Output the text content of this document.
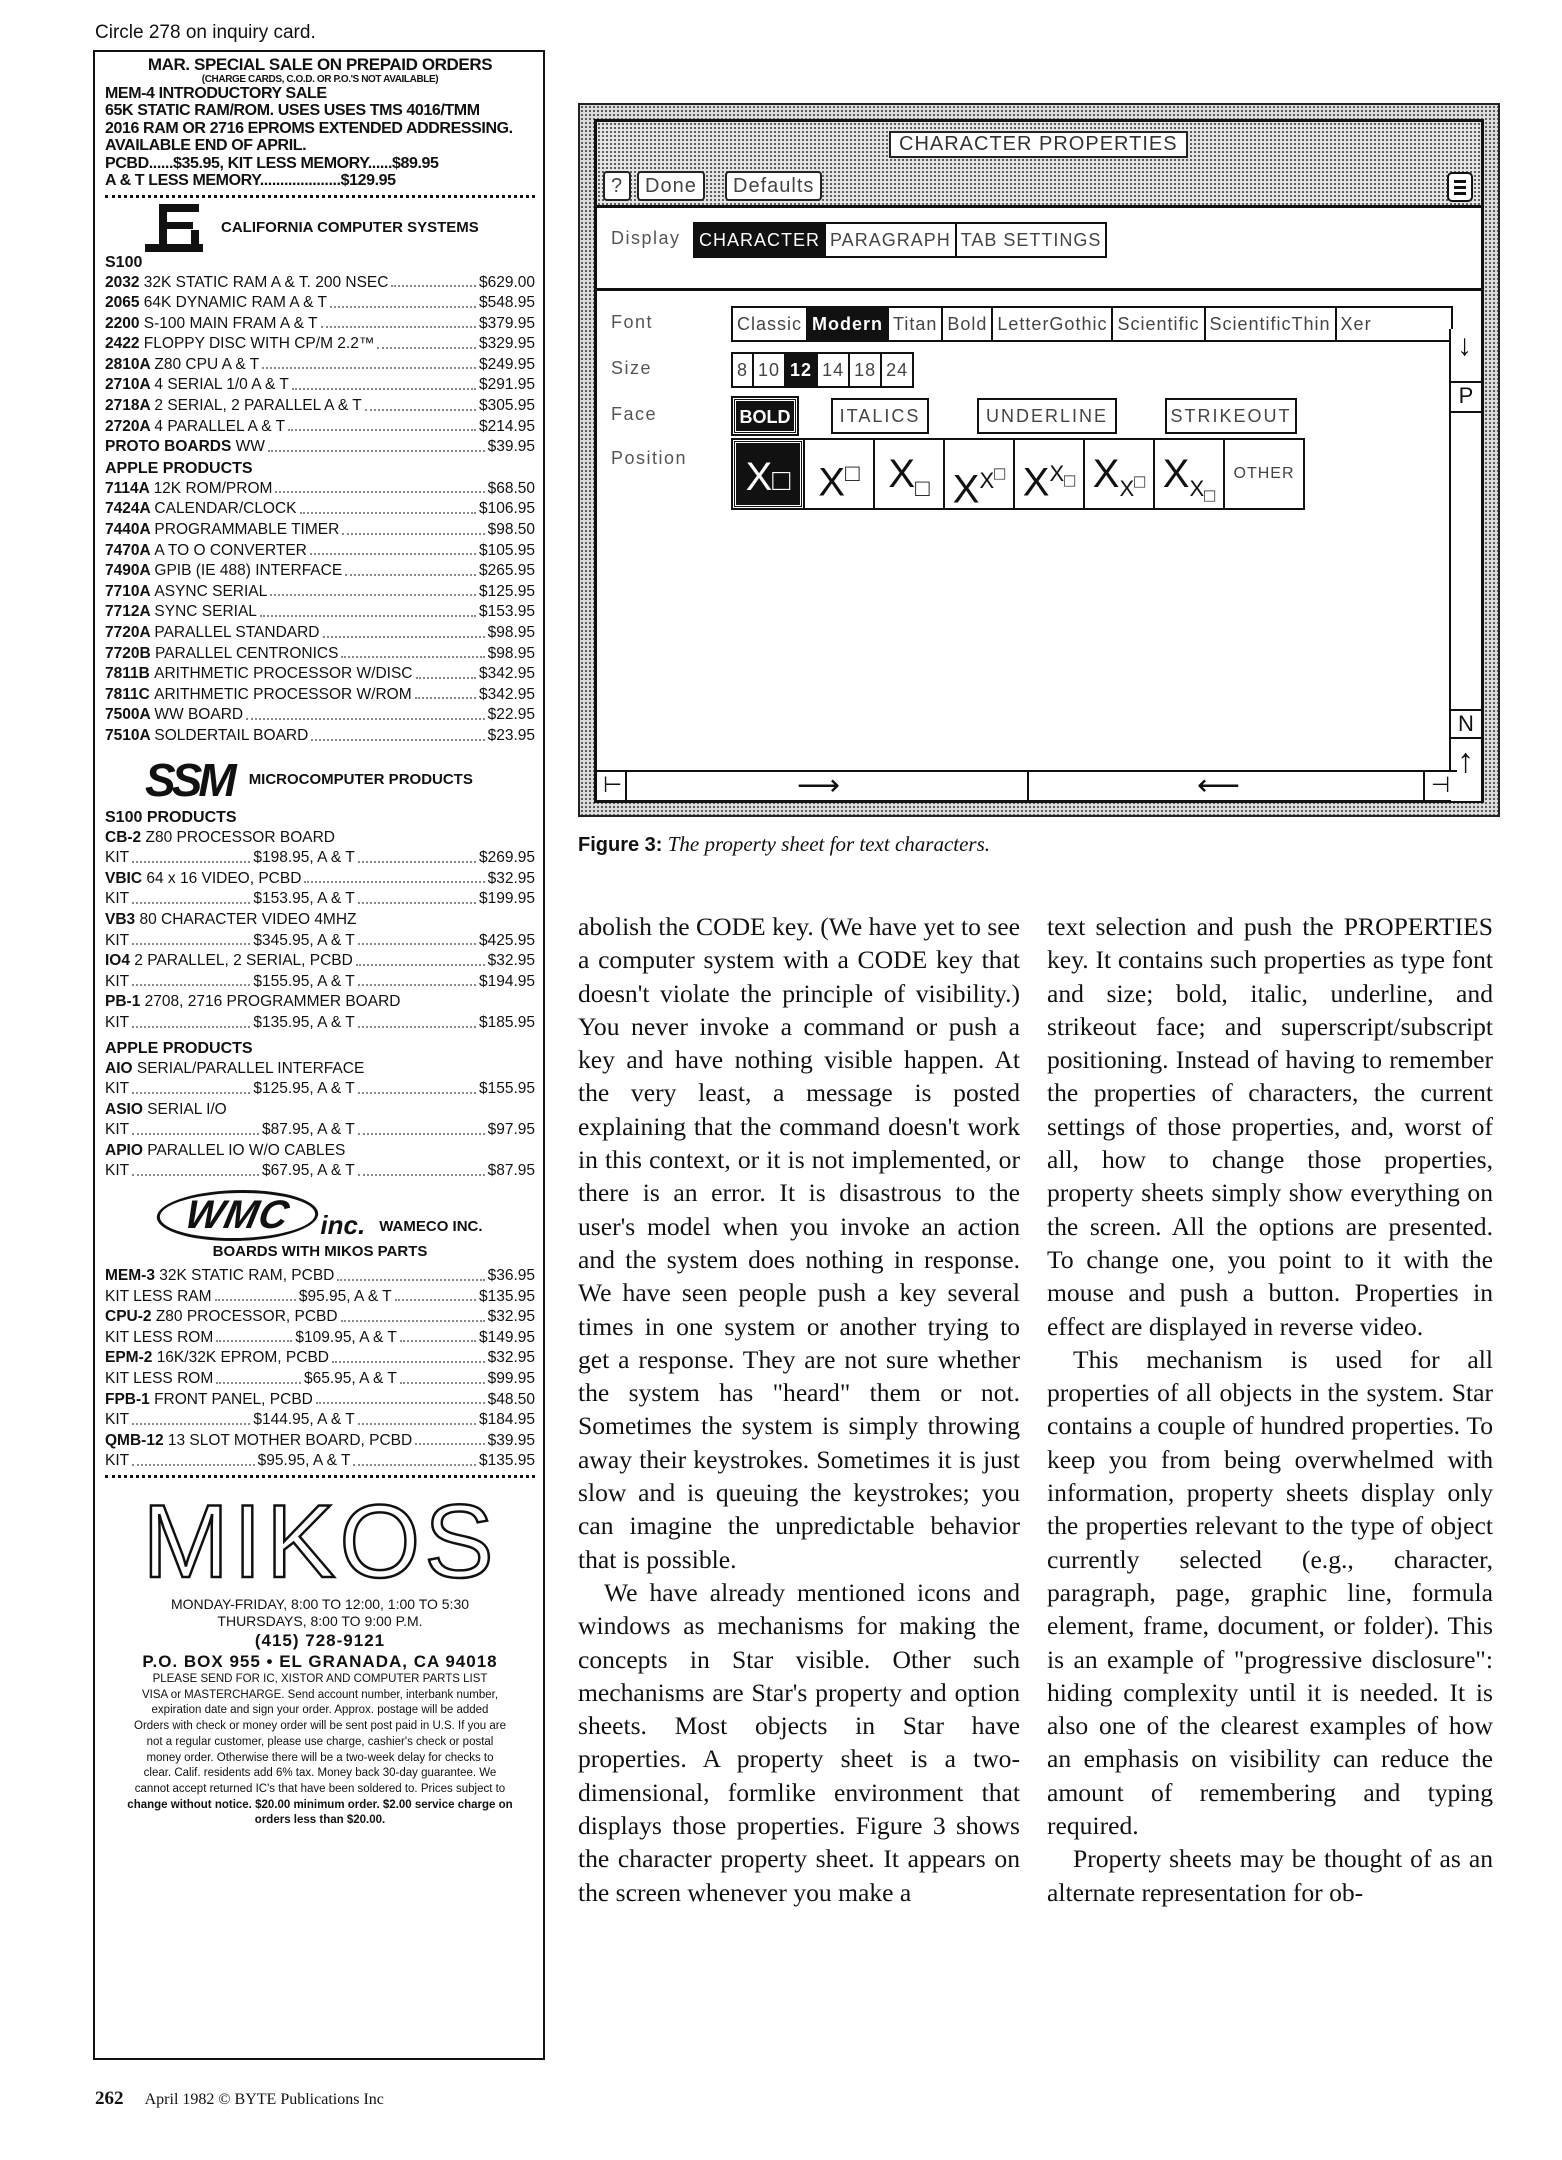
Circle 278 on inquiry card.
MAR. SPECIAL SALE ON PREPAID ORDERS
(CHARGE CARDS, C.O.D. OR P.O.'S NOT AVAILABLE)
MEM-4 INTRODUCTORY SALE
65K STATIC RAM/ROM. USES USES TMS 4016/TMM
2016 RAM OR 2716 EPROMS EXTENDED ADDRESSING.
AVAILABLE END OF APRIL.
PCBD......$35.95, KIT LESS MEMORY......$89.95
A & T LESS MEMORY....................$129.95
CALIFORNIA COMPUTER SYSTEMS
S100
2032 32K STATIC RAM A & T. 200 NSEC	$629.00
2065 64K DYNAMIC RAM A & T	$548.95
2200 S-100 MAIN FRAM A & T	$379.95
2422 FLOPPY DISC WITH CP/M 2.2™	$329.95
2810A Z80 CPU A & T	$249.95
2710A 4 SERIAL 1/0 A & T	$291.95
2718A 2 SERIAL, 2 PARALLEL A & T	$305.95
2720A 4 PARALLEL A & T	$214.95
PROTO BOARDS WW	$39.95
APPLE PRODUCTS
7114A 12K ROM/PROM	$68.50
7424A CALENDAR/CLOCK	$106.95
7440A PROGRAMMABLE TIMER	$98.50
7470A A TO O CONVERTER	$105.95
7490A GPIB (IE 488) INTERFACE	$265.95
7710A ASYNC SERIAL	$125.95
7712A SYNC SERIAL	$153.95
7720A PARALLEL STANDARD	$98.95
7720B PARALLEL CENTRONICS	$98.95
7811B ARITHMETIC PROCESSOR W/DISC	$342.95
7811C ARITHMETIC PROCESSOR W/ROM	$342.95
7500A WW BOARD	$22.95
7510A SOLDERTAIL BOARD	$23.95
SSM MICROCOMPUTER PRODUCTS
S100 PRODUCTS
CB-2 Z80 PROCESSOR BOARD
KIT	$198.95, A & T	$269.95
VBIC 64 x 16 VIDEO, PCBD	$32.95
KIT	$153.95, A & T	$199.95
VB3 80 CHARACTER VIDEO 4MHZ
KIT	$345.95, A & T	$425.95
IO4 2 PARALLEL, 2 SERIAL, PCBD	$32.95
KIT	$155.95, A & T	$194.95
PB-1 2708, 2716 PROGRAMMER BOARD
KIT	$135.95, A & T	$185.95
APPLE PRODUCTS
AIO SERIAL/PARALLEL INTERFACE
KIT	$125.95, A & T	$155.95
ASIO SERIAL I/O
KIT	$87.95, A & T	$97.95
APIO PARALLEL IO W/O CABLES
KIT	$67.95, A & T	$87.95
WMC	inc. WAMECO INC.
BOARDS WITH MIKOS PARTS
MEM-3 32K STATIC RAM, PCBD	$36.95
KIT LESS RAM	$95.95, A & T	$135.95
CPU-2 Z80 PROCESSOR, PCBD	$32.95
KIT LESS ROM	$109.95, A & T	$149.95
EPM-2 16K/32K EPROM, PCBD	$32.95
KIT LESS ROM	$65.95, A & T	$99.95
FPB-1 FRONT PANEL, PCBD	$48.50
KIT	$144.95, A & T	$184.95
QMB-12 13 SLOT MOTHER BOARD, PCBD	$39.95
KIT	$95.95, A & T	$135.95
MIKOS
MONDAY-FRIDAY, 8:00 TO 12:00, 1:00 TO 5:30
THURSDAYS, 8:00 TO 9:00 P.M.
(415) 728-9121
P.O. BOX 955 • EL GRANADA, CA 94018
PLEASE SEND FOR IC, XISTOR AND COMPUTER PARTS LIST
VISA or MASTERCHARGE. Send account number, interbank number,
expiration date and sign your order. Approx. postage will be added
Orders with check or money order will be sent post paid in U.S. If you are
not a regular customer, please use charge, cashier's check or postal
money order. Otherwise there will be a two-week delay for checks to
clear. Calif. residents add 6% tax. Money back 30-day guarantee. We
cannot accept returned IC's that have been soldered to. Prices subject to
change without notice. $20.00 minimum order. $2.00 service charge on
orders less than $20.00.
CHARACTER PROPERTIES
?	Done	Defaults
Display CHARACTER PARAGRAPH TAB SETTINGS
Font	Classic Modern Titan Bold LetterGothic Scientific ScientificThin Xer
Size	8 10 12 14 18 24
Face	BOLD	ITALICS	UNDERLINE	STRIKEOUT
Position	X□ X□ $X_□$ $X^{X^□}$ $X^{X_□}$ $X_{X^□}$ $X_{X_□}$
OTHER
↓
P
N
↑
⊢	⟶	⟵	⊣
Figure 3: The property sheet for text characters.

abolish the CODE key. (We have yet to see a computer system with a CODE key that doesn't violate the principle of visibility.) You never invoke a command or push a key and have nothing visible happen. At the very least, a message is posted explaining that the command doesn't work in this context, or it is not implemented, or there is an error. It is disastrous to the user's model when you invoke an action and the system does nothing in response. We have seen people push a key several times in one system or another trying to get a response. They are not sure whether the system has "heard" them or not. Sometimes the system is simply throwing away their keystrokes. Sometimes it is just slow and is queuing the keystrokes; you can imagine the unpredictable behavior that is possible.

We have already mentioned icons and windows as mechanisms for making the concepts in Star visible. Other such mechanisms are Star's property and option sheets. Most objects in Star have properties. A property sheet is a two-dimensional, formlike environment that displays those properties. Figure 3 shows the character property sheet. It appears on the screen whenever you make a

text selection and push the PROPERTIES key. It contains such properties as type font and size; bold, italic, underline, and strikeout face; and superscript/subscript positioning. Instead of having to remember the properties of characters, the current settings of those properties, and, worst of all, how to change those properties, property sheets simply show everything on the screen. All the options are presented. To change one, you point to it with the mouse and push a button. Properties in effect are displayed in reverse video.

This mechanism is used for all properties of all objects in the system. Star contains a couple of hundred properties. To keep you from being overwhelmed with information, property sheets display only the properties relevant to the type of object currently selected (e.g., character, paragraph, page, graphic line, formula element, frame, document, or folder). This is an example of "progressive disclosure": hiding complexity until it is needed. It is also one of the clearest examples of how an emphasis on visibility can reduce the amount of remembering and typing required.

Property sheets may be thought of as an alternate representation for ob-

262 April 1982 © BYTE Publications Inc
